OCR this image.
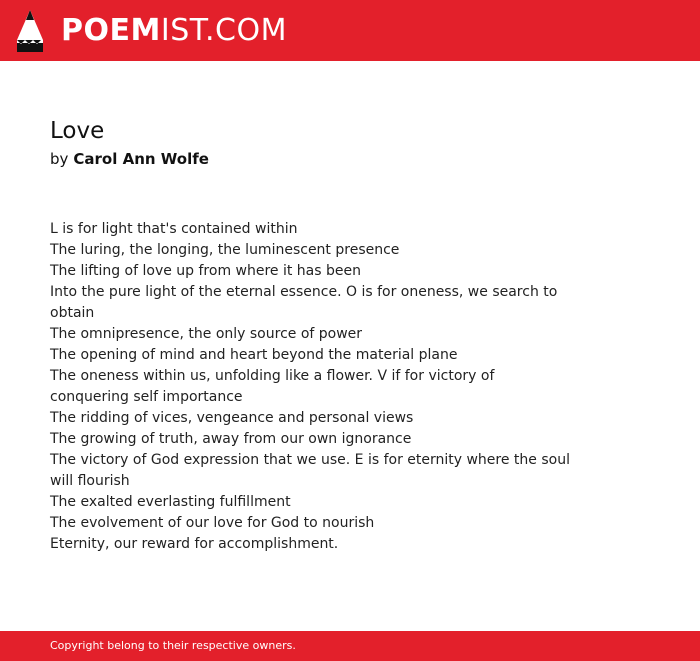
POEMIST.COM
Love
by Carol Ann Wolfe
L is for light that's contained within
The luring, the longing, the luminescent presence
The lifting of love up from where it has been
Into the pure light of the eternal essence. O is for oneness, we search to obtain
The omnipresence, the only source of power
The opening of mind and heart beyond the material plane
The oneness within us, unfolding like a flower. V if for victory of conquering self importance
The ridding of vices, vengeance and personal views
The growing of truth, away from our own ignorance
The victory of God expression that we use. E is for eternity where the soul will flourish
The exalted everlasting fulfillment
The evolvement of our love for God to nourish
Eternity, our reward for accomplishment.
Copyright belong to their respective owners.
